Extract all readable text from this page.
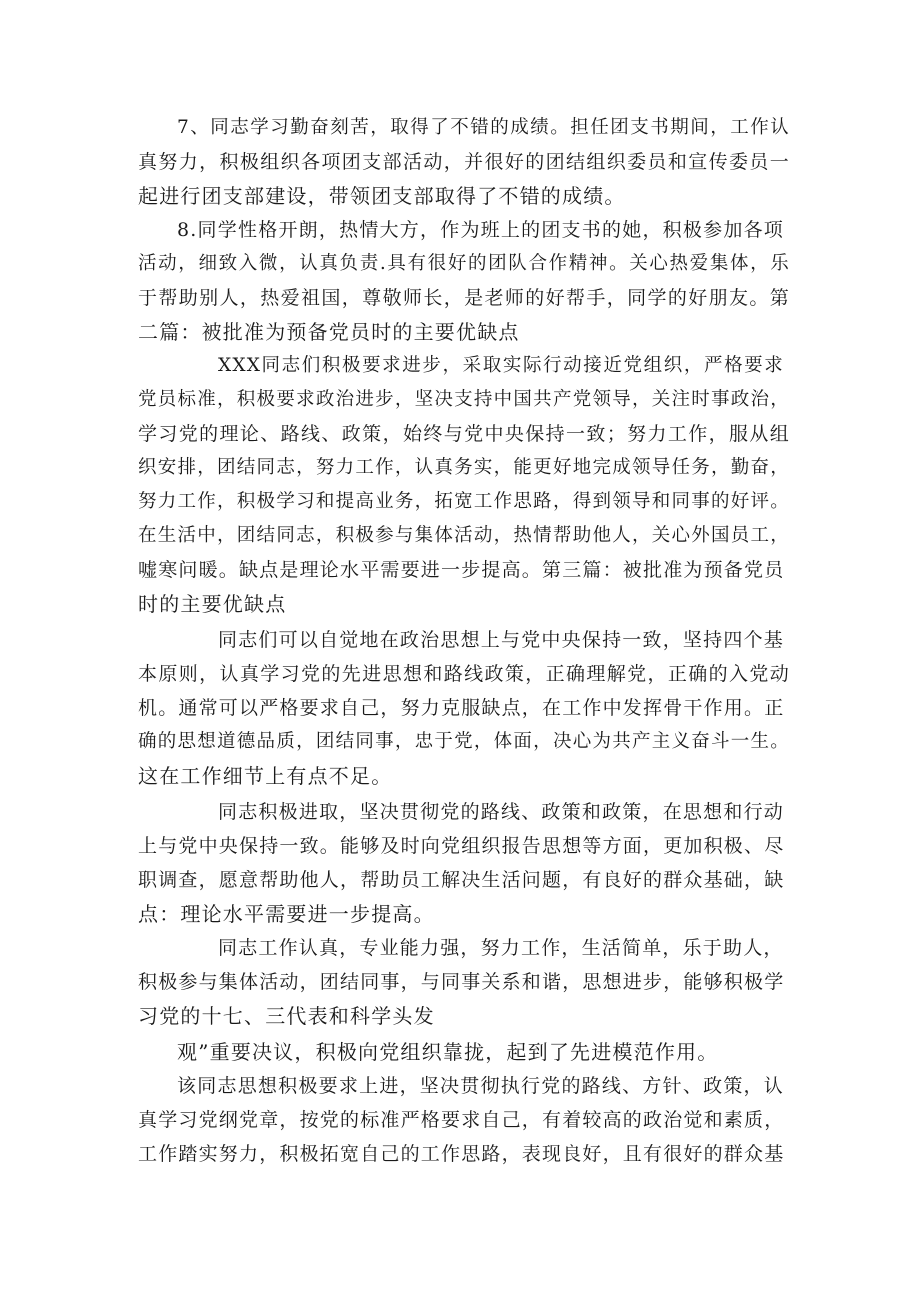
7、同志学习勤奋刻苦，取得了不错的成绩。担任团支书期间，工作认
真努力，积极组织各项团支部活动，并很好的团结组织委员和宣传委员一
起进行团支部建设，带领团支部取得了不错的成绩。
8.同学性格开朗，热情大方，作为班上的团支书的她，积极参加各项
活动，细致入微，认真负责.具有很好的团队合作精神。关心热爱集体，乐
于帮助别人，热爱祖国，尊敬师长，是老师的好帮手，同学的好朋友。第
二篇：被批准为预备党员时的主要优缺点
XXX同志们积极要求进步，采取实际行动接近党组织，严格要求
党员标准，积极要求政治进步，坚决支持中国共产党领导，关注时事政治，
学习党的理论、路线、政策，始终与党中央保持一致；努力工作，服从组
织安排，团结同志，努力工作，认真务实，能更好地完成领导任务，勤奋，
努力工作，积极学习和提高业务，拓宽工作思路，得到领导和同事的好评。
在生活中，团结同志，积极参与集体活动，热情帮助他人，关心外国员工，
嘘寒问暖。缺点是理论水平需要进一步提高。第三篇：被批准为预备党员
时的主要优缺点
同志们可以自觉地在政治思想上与党中央保持一致，坚持四个基
本原则，认真学习党的先进思想和路线政策，正确理解党，正确的入党动
机。通常可以严格要求自己，努力克服缺点，在工作中发挥骨干作用。正
确的思想道德品质，团结同事，忠于党，体面，决心为共产主义奋斗一生。
这在工作细节上有点不足。
同志积极进取，坚决贯彻党的路线、政策和政策，在思想和行动
上与党中央保持一致。能够及时向党组织报告思想等方面，更加积极、尽
职调查，愿意帮助他人，帮助员工解决生活问题，有良好的群众基础，缺
点：理论水平需要进一步提高。
同志工作认真，专业能力强，努力工作，生活简单，乐于助人，
积极参与集体活动，团结同事，与同事关系和谐，思想进步，能够积极学
习党的十七、三代表和科学头发
观”重要决议，积极向党组织靠拢，起到了先进模范作用。
该同志思想积极要求上进，坚决贯彻执行党的路线、方针、政策，认
真学习党纲党章，按党的标准严格要求自己，有着较高的政治觉和素质，
工作踏实努力，积极拓宽自己的工作思路，表现良好，且有很好的群众基
